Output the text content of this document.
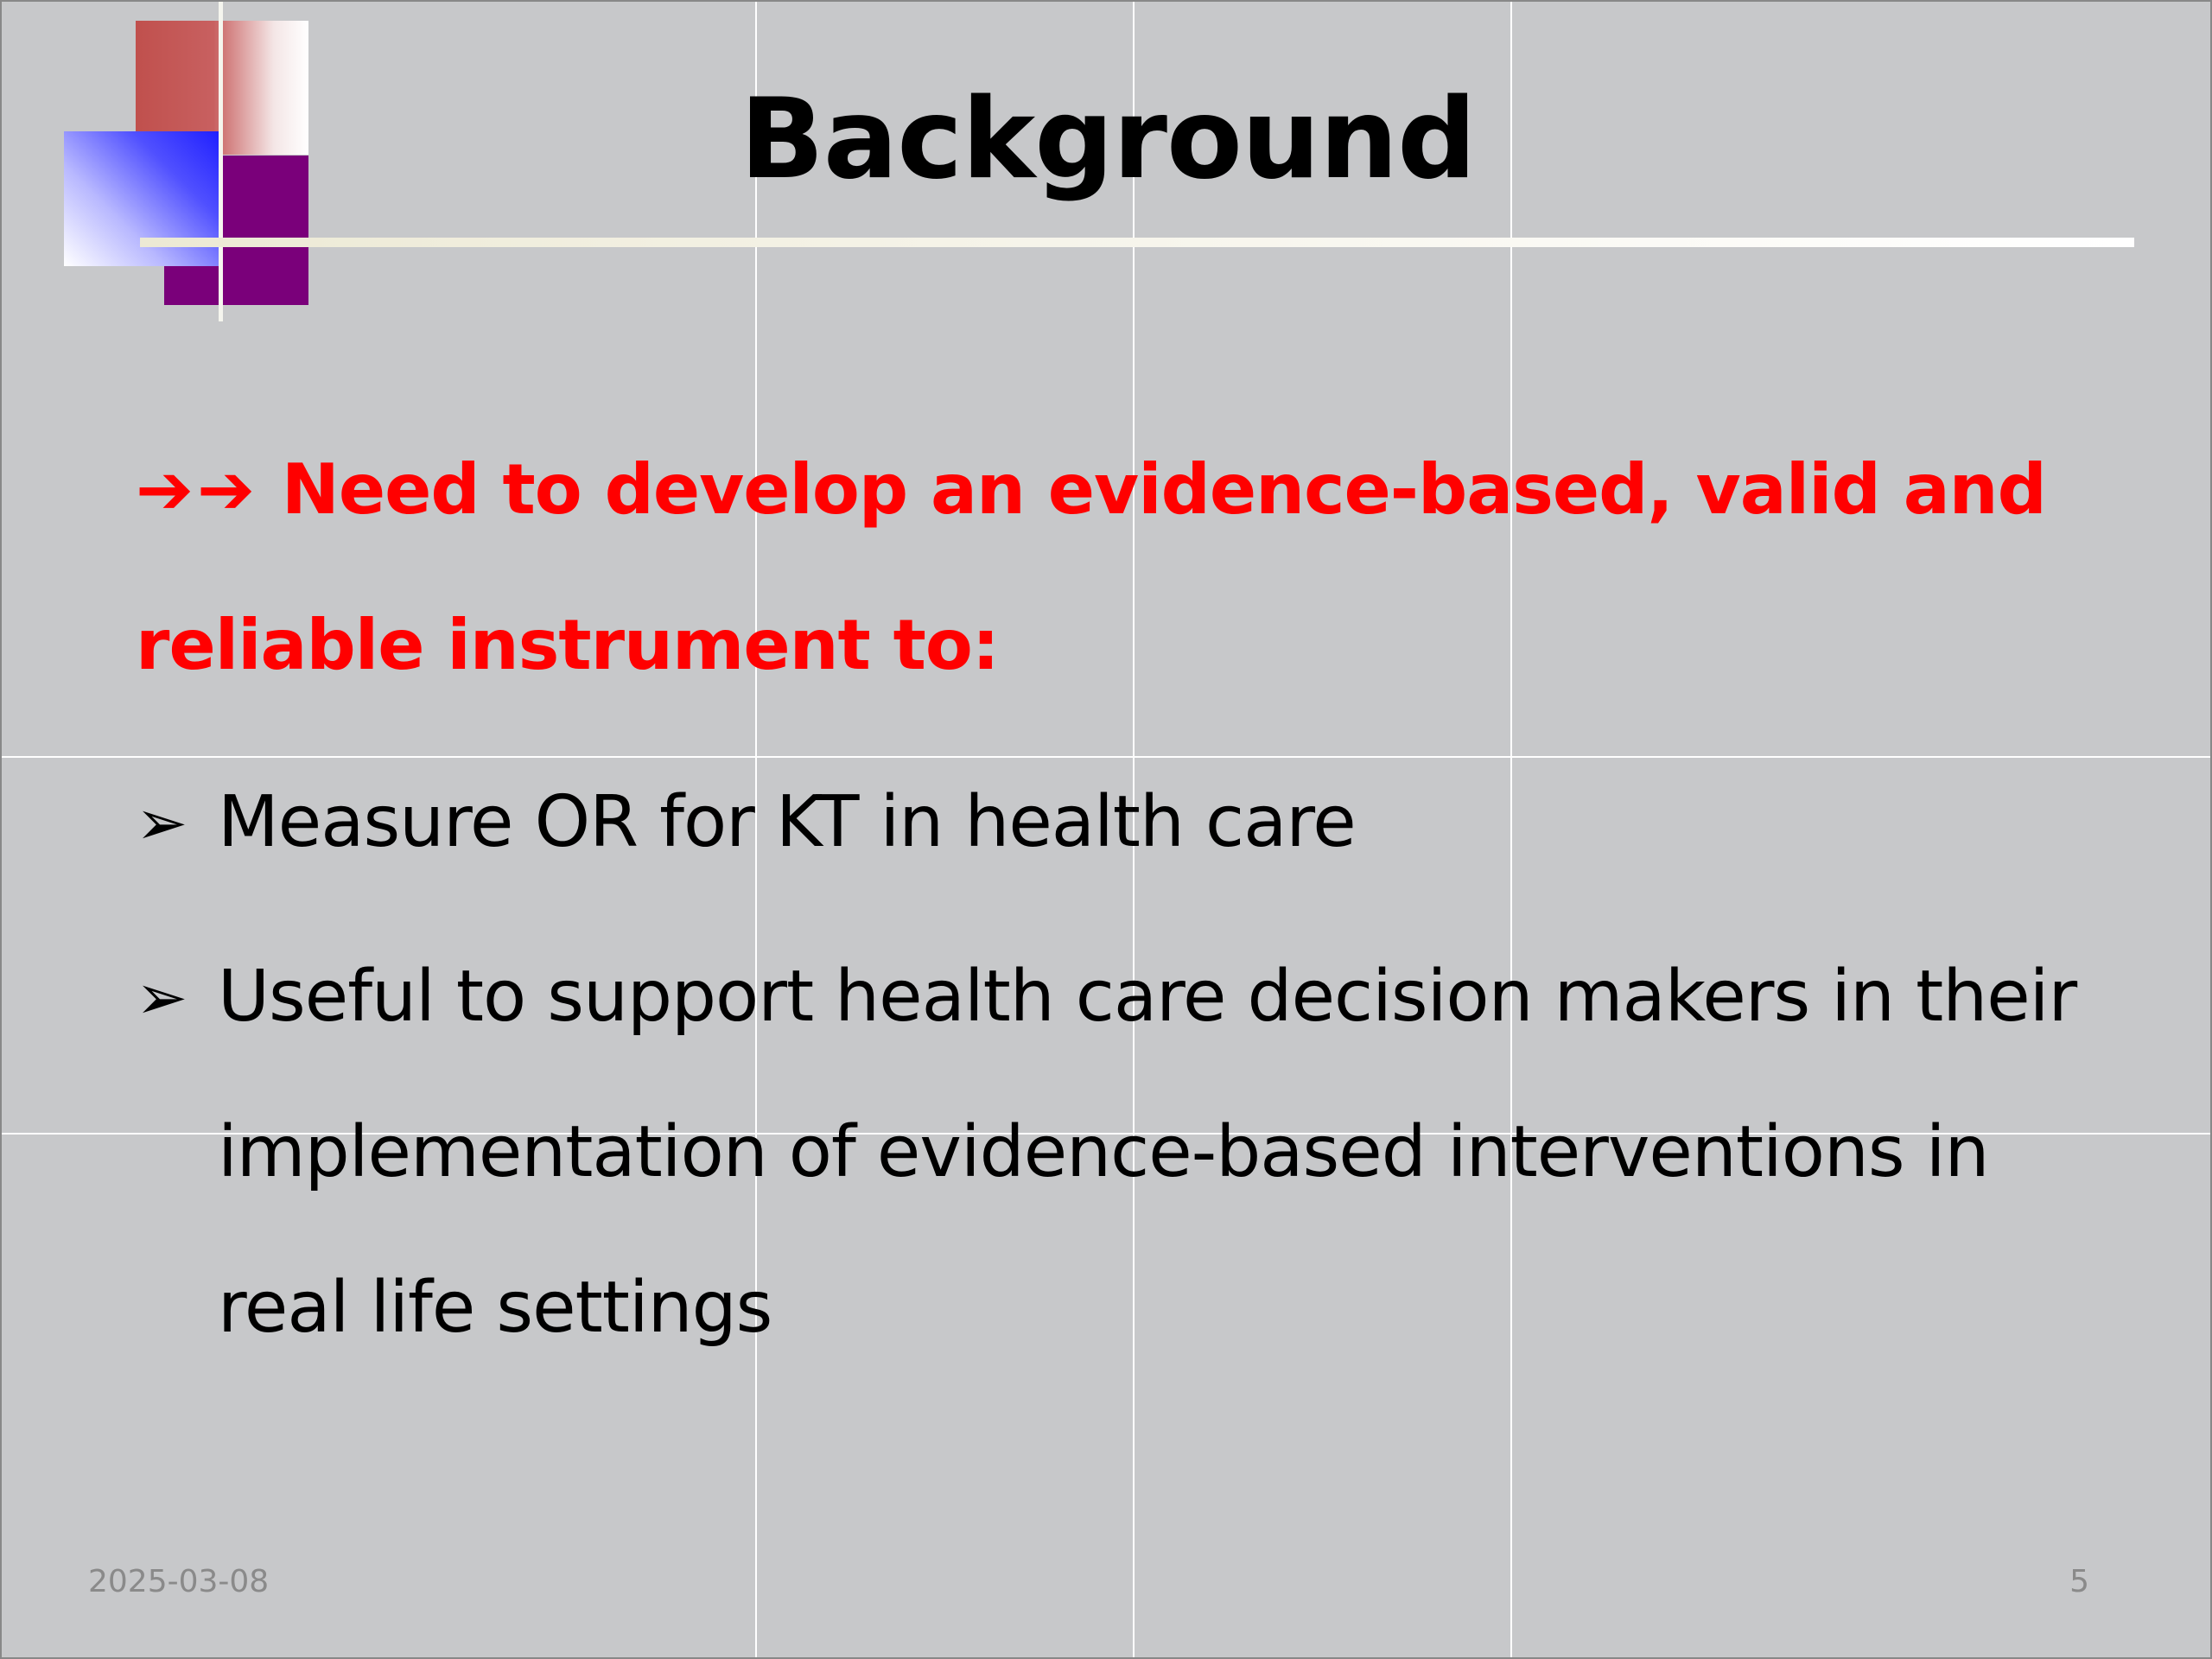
Background
➔➔ Need to develop an evidence-based, valid and reliable instrument to:
➢ Measure OR for KT in health care
➢ Useful to support health care decision makers in their implementation of evidence-based interventions in real life settings
2025-03-08	5
